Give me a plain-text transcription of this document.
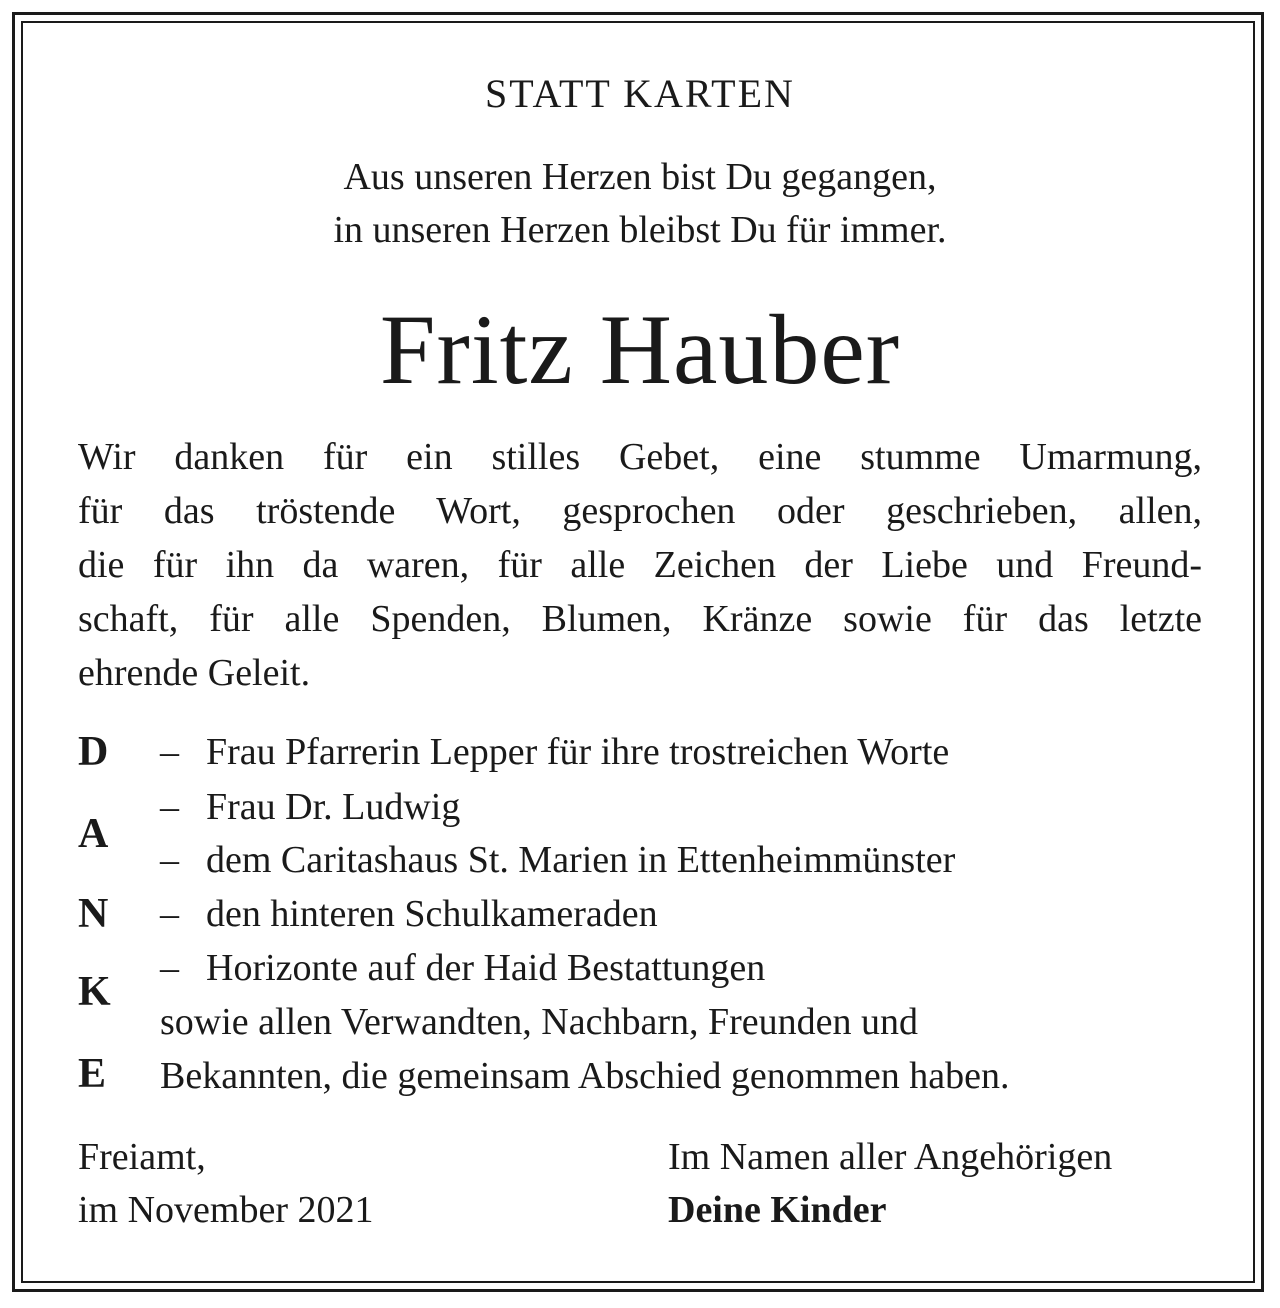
STATT KARTEN
Aus unseren Herzen bist Du gegangen,
in unseren Herzen bleibst Du für immer.
Fritz Hauber
Wir danken für ein stilles Gebet, eine stumme Umarmung,
für das tröstende Wort, gesprochen oder geschrieben, allen,
die für ihn da waren, für alle Zeichen der Liebe und Freund-
schaft, für alle Spenden, Blumen, Kränze sowie für das letzte
ehrende Geleit.
D
A
N
K
E
– Frau Pfarrerin Lepper für ihre trostreichen Worte
– Frau Dr. Ludwig
– dem Caritashaus St. Marien in Ettenheimmünster
– den hinteren Schulkameraden
– Horizonte auf der Haid Bestattungen
sowie allen Verwandten, Nachbarn, Freunden und
Bekannten, die gemeinsam Abschied genommen haben.
Freiamt,
im November 2021
Im Namen aller Angehörigen
Deine Kinder
